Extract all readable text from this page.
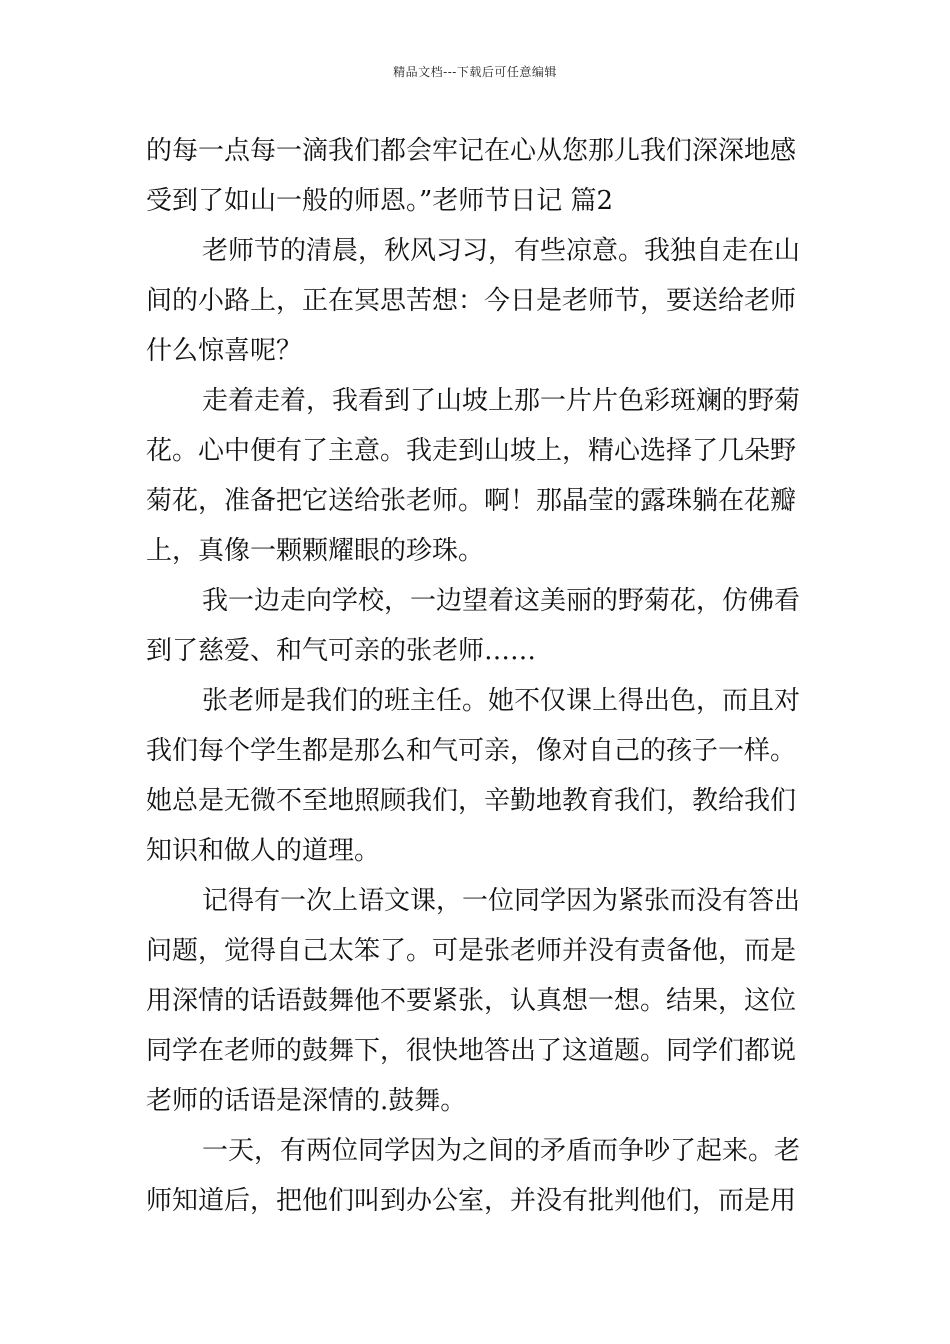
精品文档---下载后可任意编辑
的每一点每一滴我们都会牢记在心从您那儿我们深深地感
受到了如山一般的师恩。”老师节日记 篇2
老师节的清晨，秋风习习，有些凉意。我独自走在山
间的小路上，正在冥思苦想：今日是老师节，要送给老师
什么惊喜呢？
走着走着，我看到了山坡上那一片片色彩斑斓的野菊
花。心中便有了主意。我走到山坡上，精心选择了几朵野
菊花，准备把它送给张老师。啊！那晶莹的露珠躺在花瓣
上，真像一颗颗耀眼的珍珠。
我一边走向学校，一边望着这美丽的野菊花，仿佛看
到了慈爱、和气可亲的张老师……
张老师是我们的班主任。她不仅课上得出色，而且对
我们每个学生都是那么和气可亲，像对自己的孩子一样。
她总是无微不至地照顾我们，辛勤地教育我们，教给我们
知识和做人的道理。
记得有一次上语文课，一位同学因为紧张而没有答出
问题，觉得自己太笨了。可是张老师并没有责备他，而是
用深情的话语鼓舞他不要紧张，认真想一想。结果，这位
同学在老师的鼓舞下，很快地答出了这道题。同学们都说
老师的话语是深情的.鼓舞。
一天，有两位同学因为之间的矛盾而争吵了起来。老
师知道后，把他们叫到办公室，并没有批判他们，而是用
